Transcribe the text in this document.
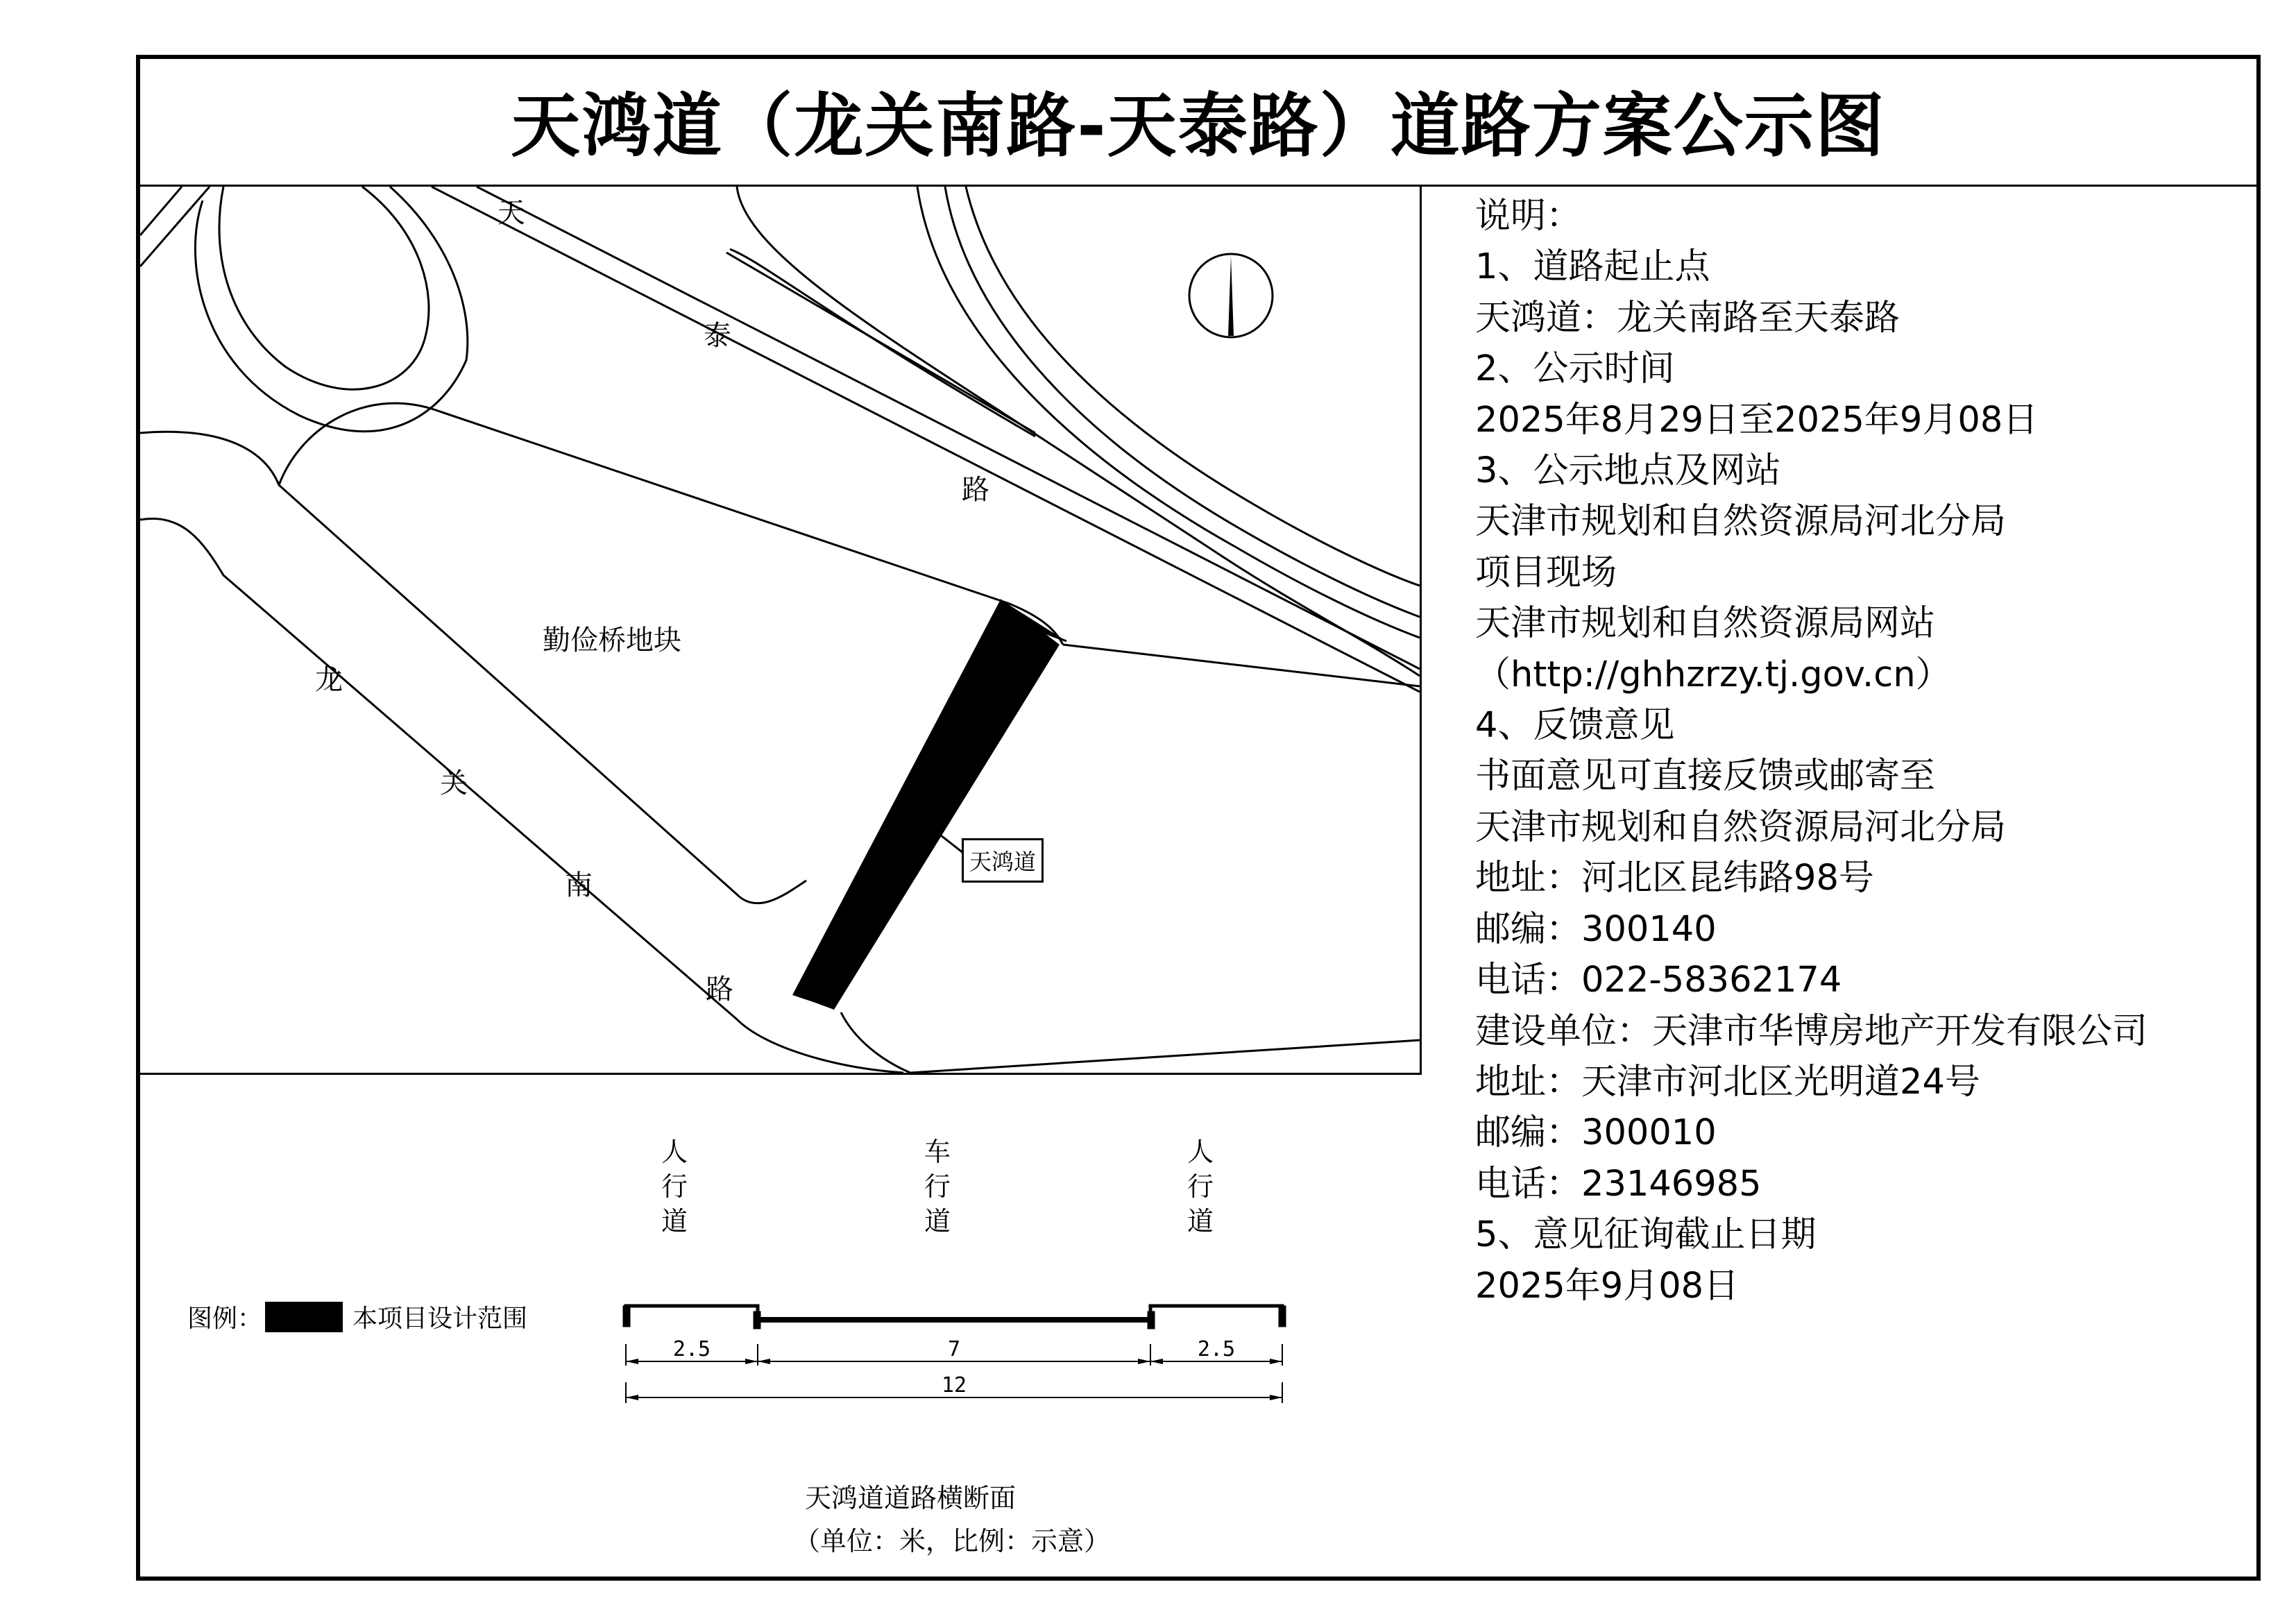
天鸿道（龙关南路-天泰路）道路方案公示图
天
泰
路
龙
关
南
路
勤俭桥地块
天鸿道
说明：
1、道路起止点
天鸿道：龙关南路至天泰路
2、公示时间
2025年8月29日至2025年9月08日
3、公示地点及网站
天津市规划和自然资源局河北分局
项目现场
天津市规划和自然资源局网站
（http://ghhzrzy.tj.gov.cn）
4、反馈意见
书面意见可直接反馈或邮寄至
天津市规划和自然资源局河北分局
地址：河北区昆纬路98号
邮编：300140
电话：022-58362174
建设单位：天津市华博房地产开发有限公司
地址：天津市河北区光明道24号
邮编：300010
电话：23146985
5、意见征询截止日期
2025年9月08日
人
行
道
车
行
道
人
行
道
2.5	7	2.5
12
图例：	本项目设计范围
天鸿道道路横断面
（单位：米，比例：示意）
